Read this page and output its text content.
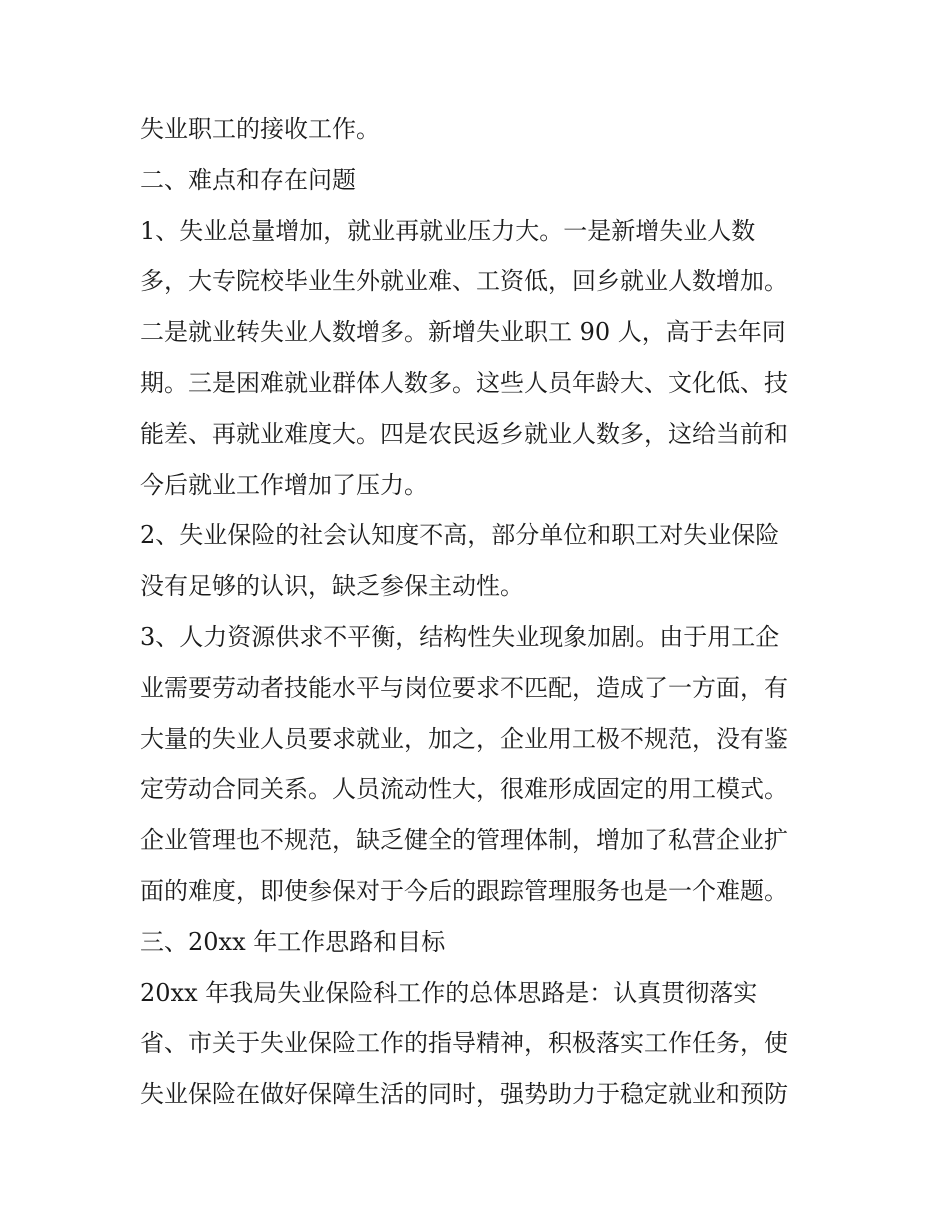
失业职工的接收工作。
二、难点和存在问题
1、失业总量增加，就业再就业压力大。一是新增失业人数
多，大专院校毕业生外就业难、工资低，回乡就业人数增加。
二是就业转失业人数增多。新增失业职工 90 人，高于去年同
期。三是困难就业群体人数多。这些人员年龄大、文化低、技
能差、再就业难度大。四是农民返乡就业人数多，这给当前和
今后就业工作增加了压力。
2、失业保险的社会认知度不高，部分单位和职工对失业保险
没有足够的认识，缺乏参保主动性。
3、人力资源供求不平衡，结构性失业现象加剧。由于用工企
业需要劳动者技能水平与岗位要求不匹配，造成了一方面，有
大量的失业人员要求就业，加之，企业用工极不规范，没有鉴
定劳动合同关系。人员流动性大，很难形成固定的用工模式。
企业管理也不规范，缺乏健全的管理体制，增加了私营企业扩
面的难度，即使参保对于今后的跟踪管理服务也是一个难题。
三、20xx 年工作思路和目标
20xx 年我局失业保险科工作的总体思路是：认真贯彻落实
省、市关于失业保险工作的指导精神，积极落实工作任务，使
失业保险在做好保障生活的同时，强势助力于稳定就业和预防
